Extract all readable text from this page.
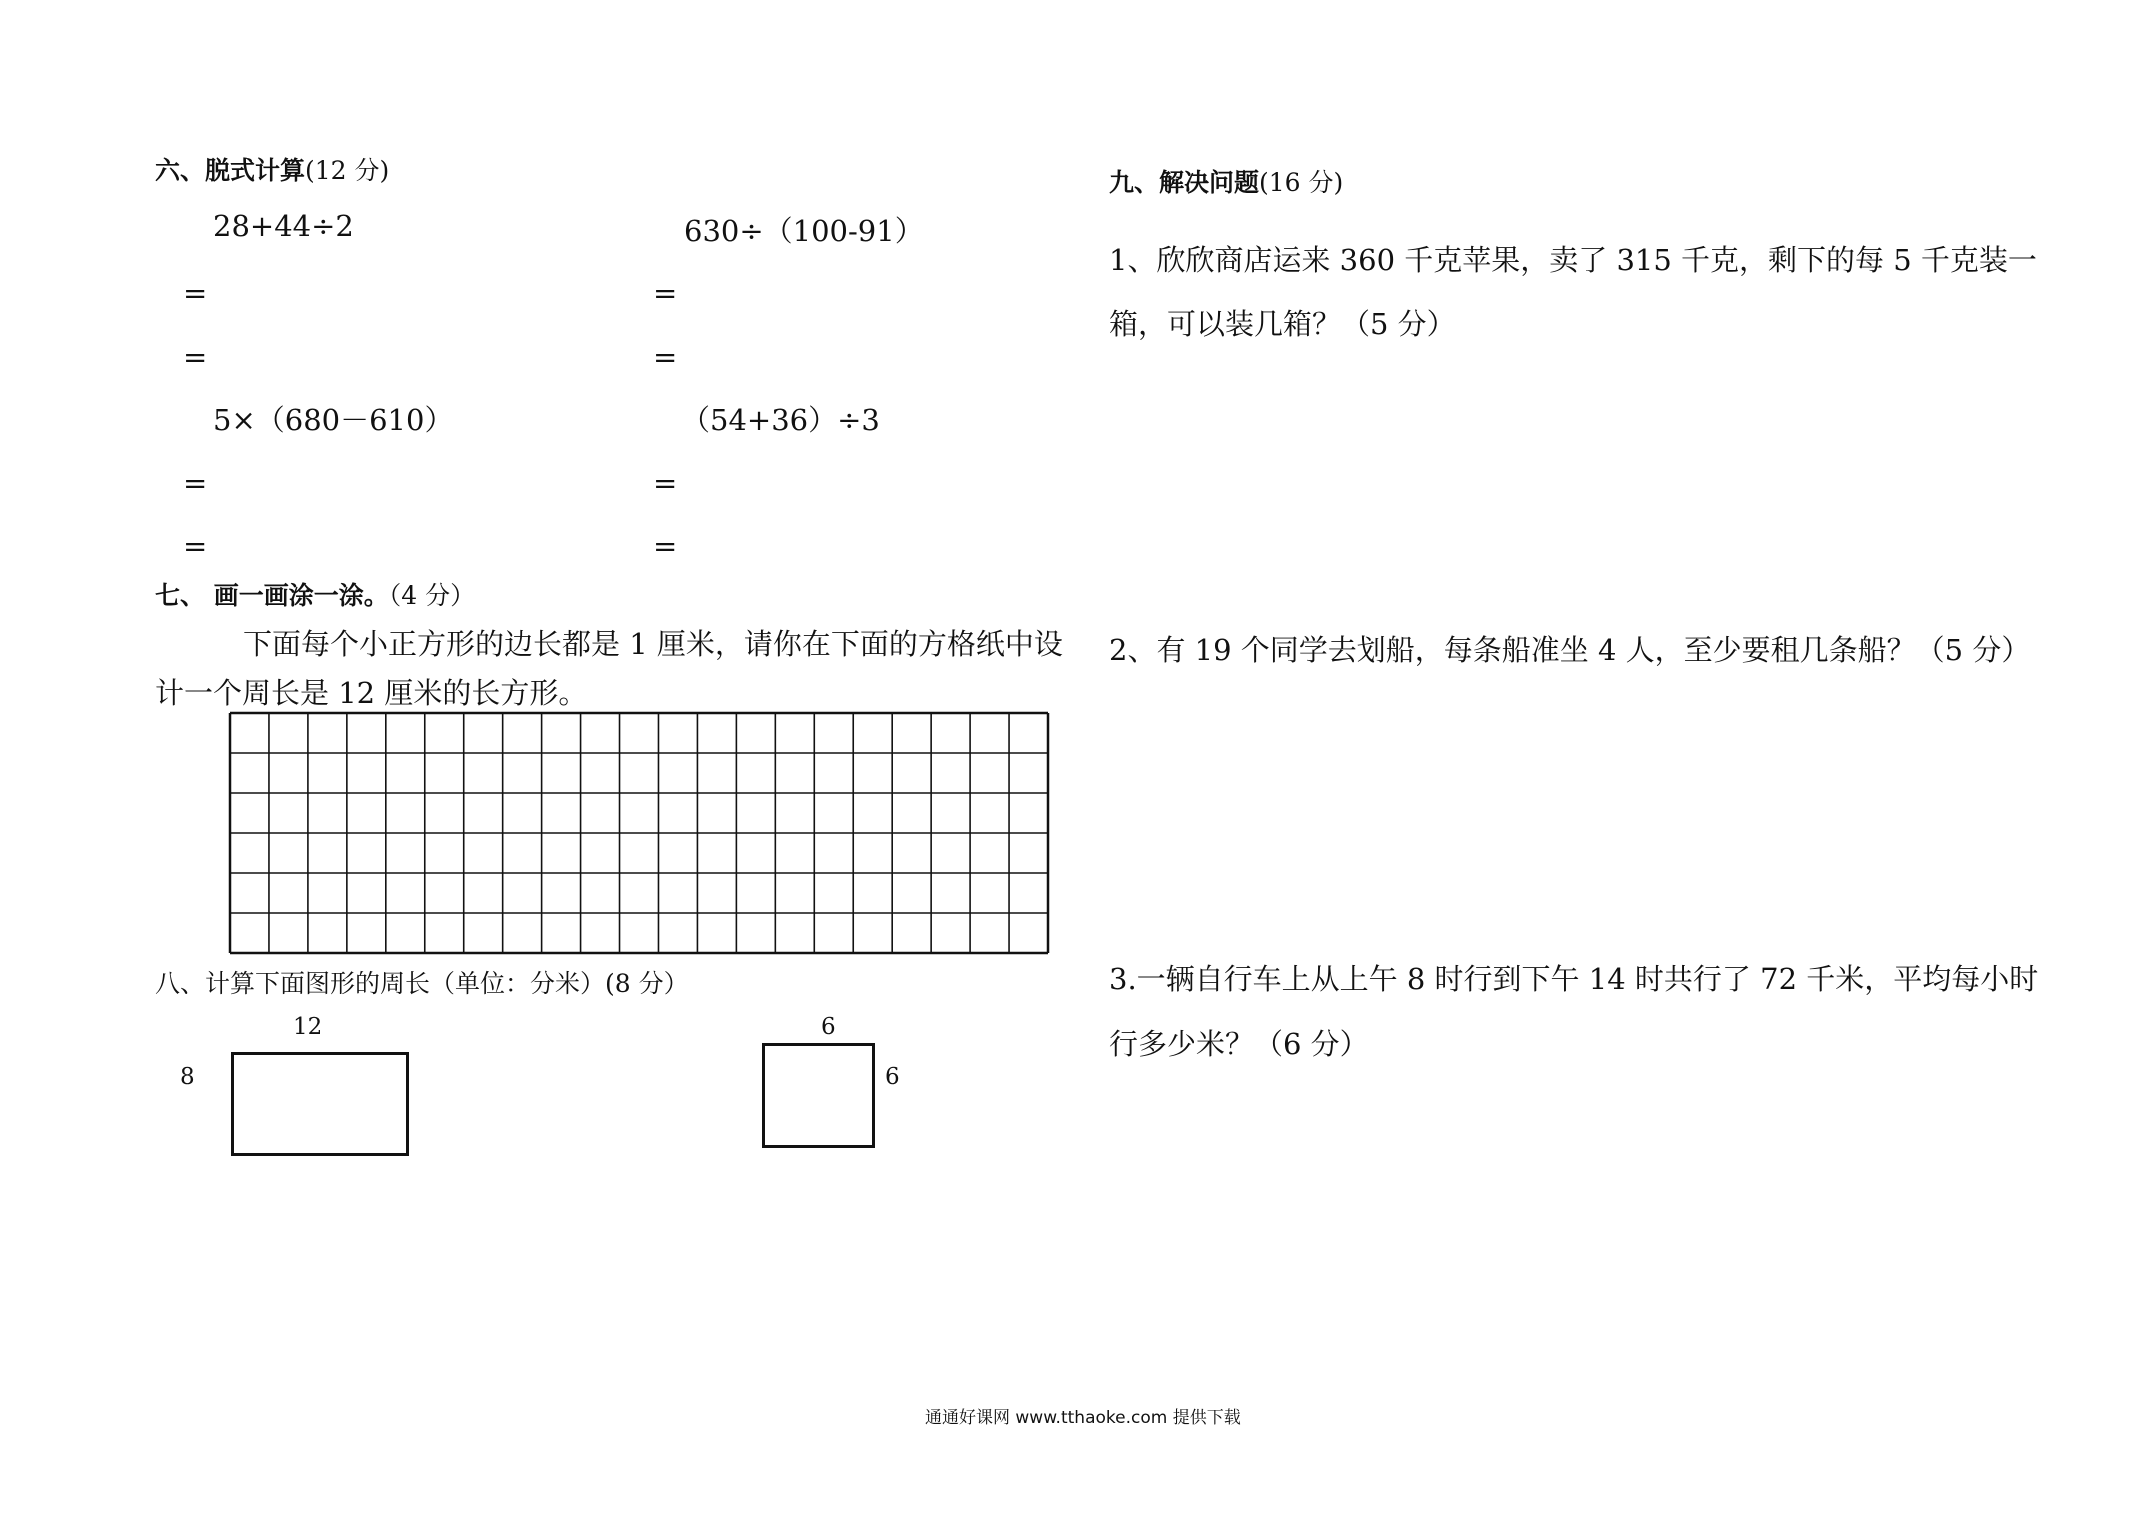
六、脱式计算(12 分)
28+44÷2
=
=
630÷（100-91）
=
=
5×（680－610）
=
=
（54+36）÷3
=
=
七、 画一画涂一涂。（4 分）
下面每个小正方形的边长都是 1 厘米，请你在下面的方格纸中设
计一个周长是 12 厘米的长方形。
八、计算下面图形的周长（单位：分米）(8 分）
12
8
6
6
九、解决问题(16 分)
1、欣欣商店运来 360 千克苹果，卖了 315 千克，剩下的每 5 千克装一
箱，可以装几箱？（5 分）
2、有 19 个同学去划船，每条船准坐 4 人，至少要租几条船？（5 分）
3.一辆自行车上从上午 8 时行到下午 14 时共行了 72 千米，平均每小时
行多少米？（6 分）
通通好课网 www.tthaoke.com 提供下载
